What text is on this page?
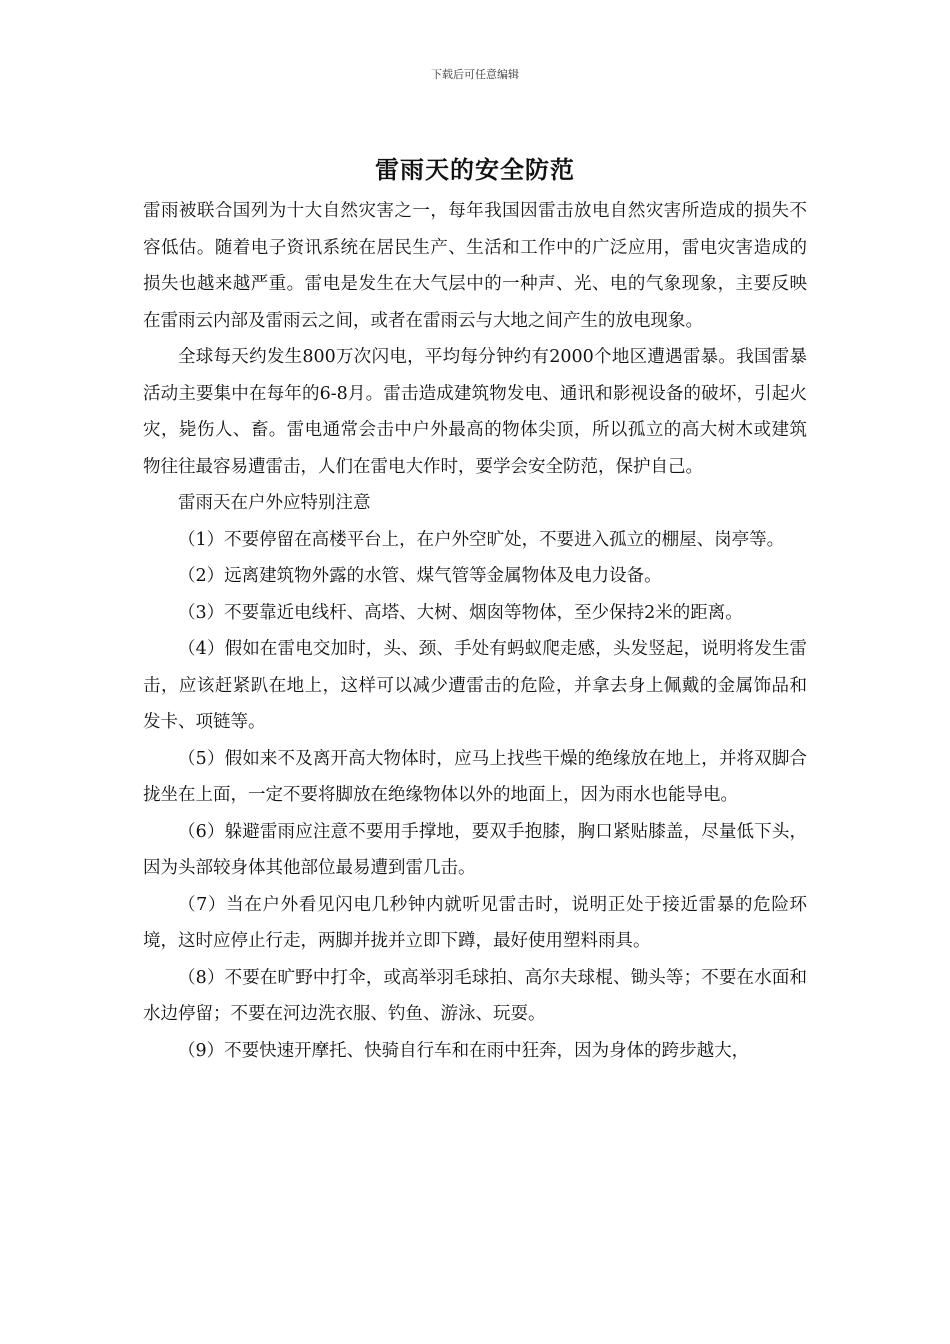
下载后可任意编辑
雷雨天的安全防范

雷雨被联合国列为十大自然灾害之一，每年我国因雷击放电自然灾害所造成的损失不容低估。随着电子资讯系统在居民生产、生活和工作中的广泛应用，雷电灾害造成的损失也越来越严重。雷电是发生在大气层中的一种声、光、电的气象现象，主要反映在雷雨云内部及雷雨云之间，或者在雷雨云与大地之间产生的放电现象。

全球每天约发生800万次闪电，平均每分钟约有2000个地区遭遇雷暴。我国雷暴活动主要集中在每年的6-8月。雷击造成建筑物发电、通讯和影视设备的破坏，引起火灾，毙伤人、畜。雷电通常会击中户外最高的物体尖顶，所以孤立的高大树木或建筑物往往最容易遭雷击，人们在雷电大作时，要学会安全防范，保护自己。

雷雨天在户外应特别注意

（1）不要停留在高楼平台上，在户外空旷处，不要进入孤立的棚屋、岗亭等。

（2）远离建筑物外露的水管、煤气管等金属物体及电力设备。

（3）不要靠近电线杆、高塔、大树、烟囱等物体，至少保持2米的距离。

（4）假如在雷电交加时，头、颈、手处有蚂蚁爬走感，头发竖起，说明将发生雷击，应该赶紧趴在地上，这样可以减少遭雷击的危险，并拿去身上佩戴的金属饰品和发卡、项链等。

（5）假如来不及离开高大物体时，应马上找些干燥的绝缘放在地上，并将双脚合拢坐在上面，一定不要将脚放在绝缘物体以外的地面上，因为雨水也能导电。

（6）躲避雷雨应注意不要用手撑地，要双手抱膝，胸口紧贴膝盖，尽量低下头，因为头部较身体其他部位最易遭到雷几击。

（7）当在户外看见闪电几秒钟内就听见雷击时，说明正处于接近雷暴的危险环境，这时应停止行走，两脚并拢并立即下蹲，最好使用塑料雨具。

（8）不要在旷野中打伞，或高举羽毛球拍、高尔夫球棍、锄头等；不要在水面和水边停留；不要在河边洗衣服、钓鱼、游泳、玩耍。

（9）不要快速开摩托、快骑自行车和在雨中狂奔，因为身体的跨步越大，
